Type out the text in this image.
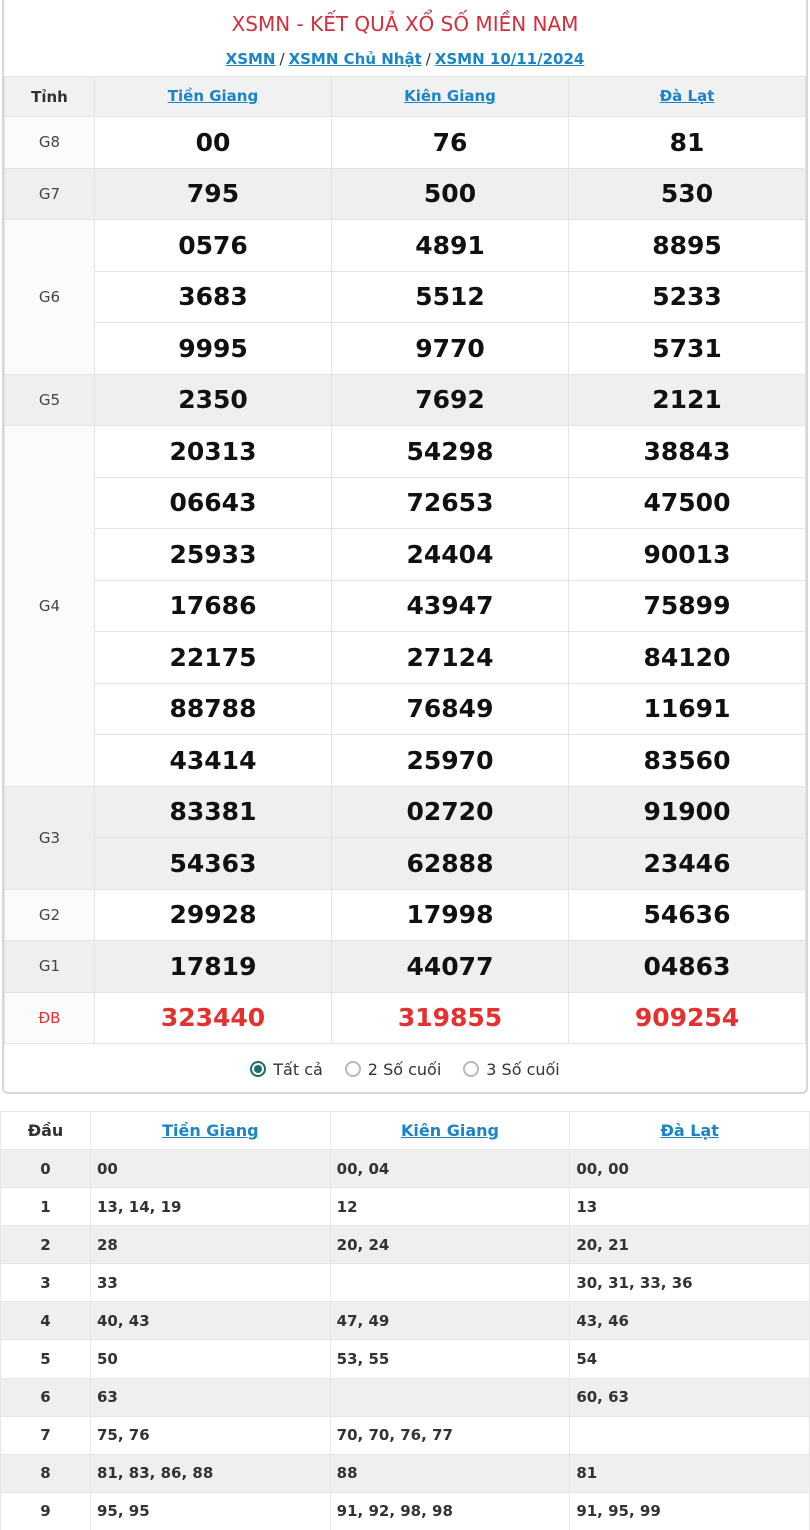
XSMN - KẾT QUẢ XỔ SỐ MIỀN NAM
XSMN / XSMN Chủ Nhật / XSMN 10/11/2024
Tỉnh	Tiền Giang	Kiên Giang	Đà Lạt
G8	00	76	81
G7	795	500	530
G6	0576	4891	8895
	3683	5512	5233
	9995	9770	5731
G5	2350	7692	2121
G4	20313	54298	38843
	06643	72653	47500
	25933	24404	90013
	17686	43947	75899
	22175	27124	84120
	88788	76849	11691
	43414	25970	83560
G3	83381	02720	91900
	54363	62888	23446
G2	29928	17998	54636
G1	17819	44077	04863
ĐB	323440	319855	909254
Tất cả	2 Số cuối	3 Số cuối
Đầu	Tiền Giang	Kiên Giang	Đà Lạt
0	00	00, 04	00, 00
1	13, 14, 19	12	13
2	28	20, 24	20, 21
3	33		30, 31, 33, 36
4	40, 43	47, 49	43, 46
5	50	53, 55	54
6	63		60, 63
7	75, 76	70, 70, 76, 77	
8	81, 83, 86, 88	88	81
9	95, 95	91, 92, 98, 98	91, 95, 99
